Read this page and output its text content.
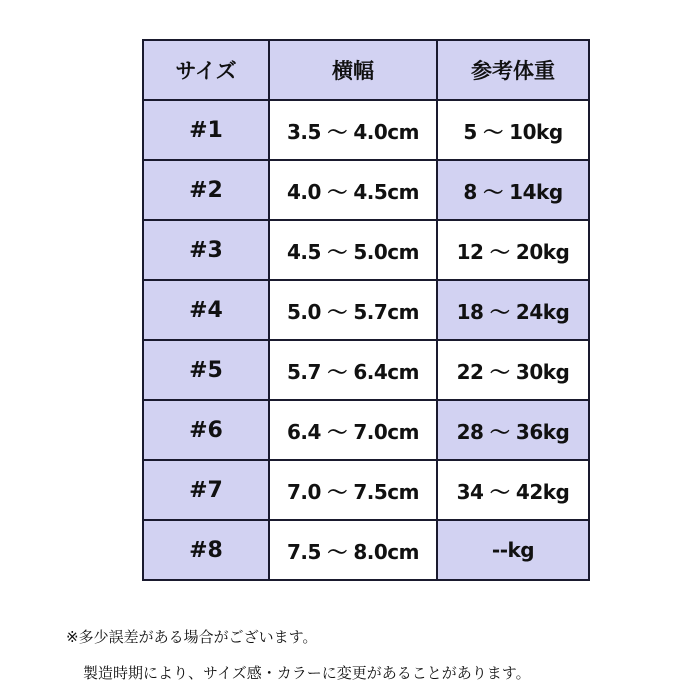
サイズ	横幅	参考体重
#1	3.5 ～ 4.0cm	5 ～ 10kg
#2	4.0 ～ 4.5cm	8 ～ 14kg
#3	4.5 ～ 5.0cm	12 ～ 20kg
#4	5.0 ～ 5.7cm	18 ～ 24kg
#5	5.7 ～ 6.4cm	22 ～ 30kg
#6	6.4 ～ 7.0cm	28 ～ 36kg
#7	7.0 ～ 7.5cm	34 ～ 42kg
#8	7.5 ～ 8.0cm	--kg
※多少誤差がある場合がございます。
製造時期により、サイズ感・カラーに変更があることがあります。
